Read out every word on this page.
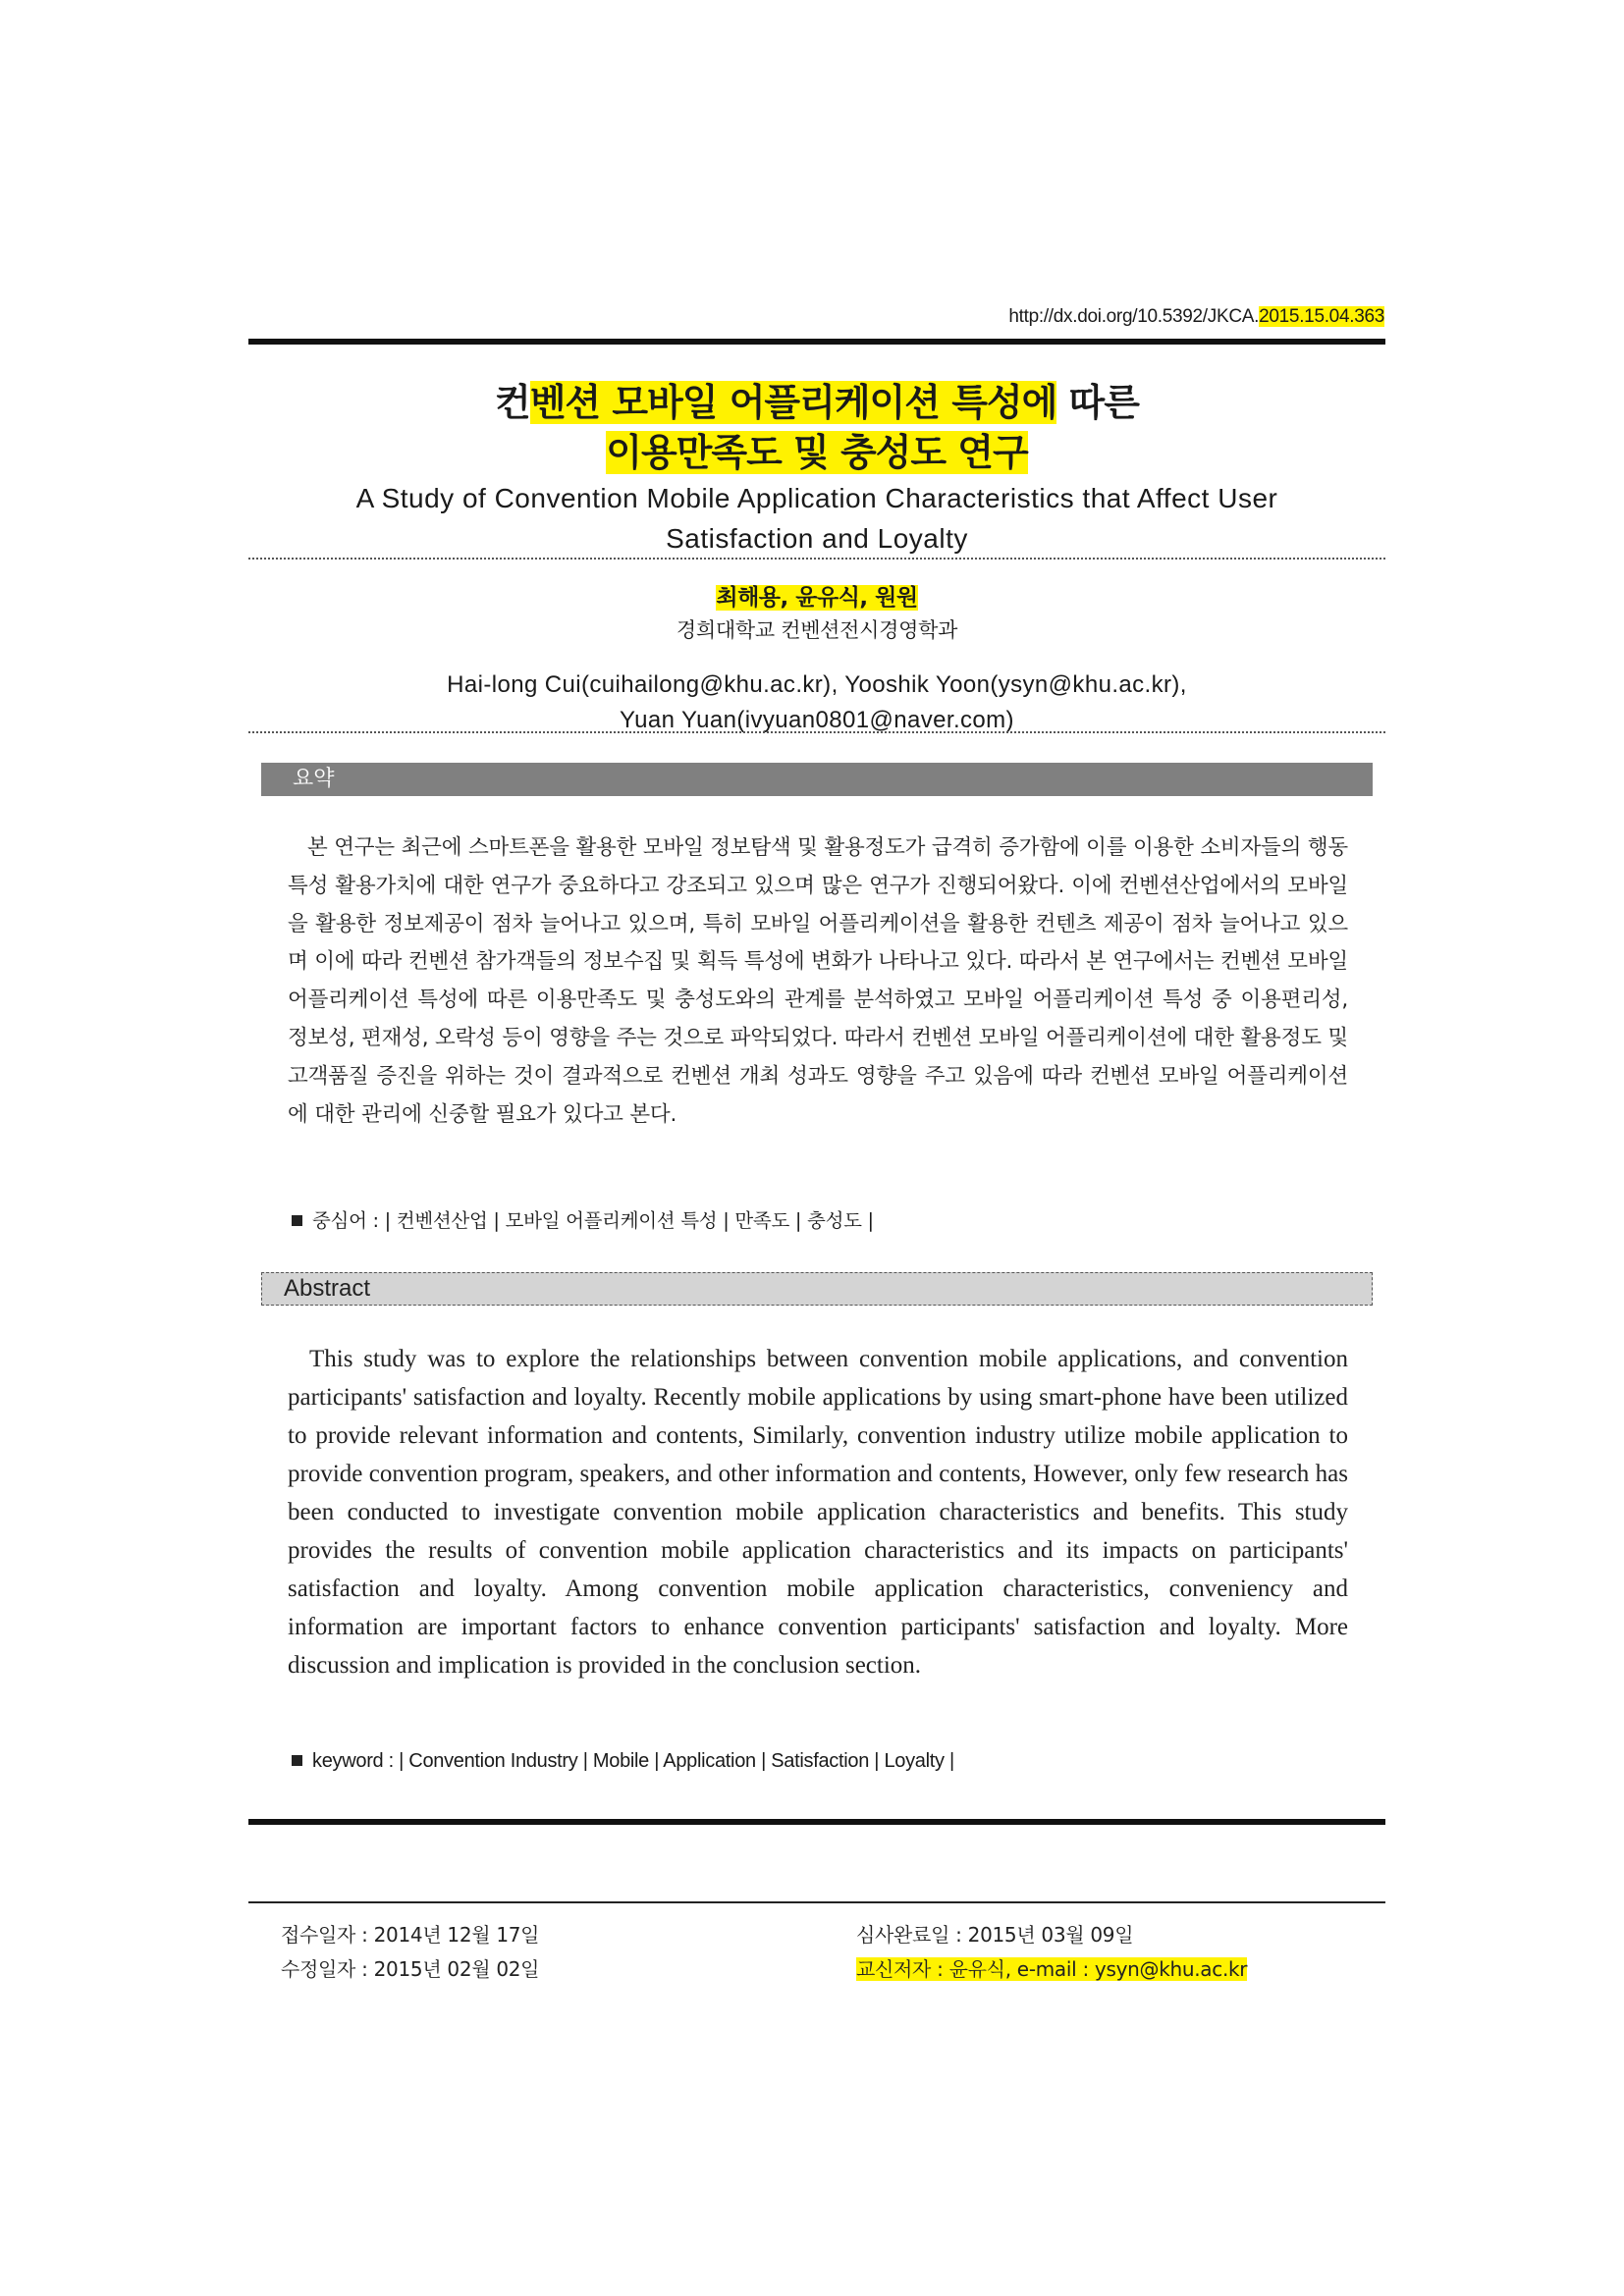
http://dx.doi.org/10.5392/JKCA.2015.15.04.363
컨벤션 모바일 어플리케이션 특성에 따른
이용만족도 및 충성도 연구
A Study of Convention Mobile Application Characteristics that Affect User
Satisfaction and Loyalty
최해용, 윤유식, 원원
경희대학교 컨벤션전시경영학과
Hai-long Cui(cuihailong@khu.ac.kr), Yooshik Yoon(ysyn@khu.ac.kr),
Yuan Yuan(ivyuan0801@naver.com)
요약
본 연구는 최근에 스마트폰을 활용한 모바일 정보탐색 및 활용정도가 급격히 증가함에 이를 이용한 소비자들의 행동특성 활용가치에 대한 연구가 중요하다고 강조되고 있으며 많은 연구가 진행되어왔다. 이에 컨벤션산업에서의 모바일을 활용한 정보제공이 점차 늘어나고 있으며, 특히 모바일 어플리케이션을 활용한 컨텐츠 제공이 점차 늘어나고 있으며 이에 따라 컨벤션 참가객들의 정보수집 및 획득 특성에 변화가 나타나고 있다. 따라서 본 연구에서는 컨벤션 모바일 어플리케이션 특성에 따른 이용만족도 및 충성도와의 관계를 분석하였고 모바일 어플리케이션 특성 중 이용편리성, 정보성, 편재성, 오락성 등이 영향을 주는 것으로 파악되었다. 따라서 컨벤션 모바일 어플리케이션에 대한 활용정도 및 고객품질 증진을 위하는 것이 결과적으로 컨벤션 개최 성과도 영향을 주고 있음에 따라 컨벤션 모바일 어플리케이션에 대한 관리에 신중할 필요가 있다고 본다.
중심어 : | 컨벤션산업 | 모바일 어플리케이션 특성 | 만족도 | 충성도 |
Abstract
This study was to explore the relationships between convention mobile applications, and convention participants' satisfaction and loyalty. Recently mobile applications by using smart-phone have been utilized to provide relevant information and contents, Similarly, convention industry utilize mobile application to provide convention program, speakers, and other information and contents, However, only few research has been conducted to investigate convention mobile application characteristics and benefits. This study provides the results of convention mobile application characteristics and its impacts on participants' satisfaction and loyalty. Among convention mobile application characteristics, conveniency and information are important factors to enhance convention participants' satisfaction and loyalty. More discussion and implication is provided in the conclusion section.
keyword : | Convention Industry | Mobile | Application | Satisfaction | Loyalty |
접수일자 : 2014년 12월 17일
수정일자 : 2015년 02월 02일
심사완료일 : 2015년 03월 09일
교신저자 : 윤유식, e-mail : ysyn@khu.ac.kr
